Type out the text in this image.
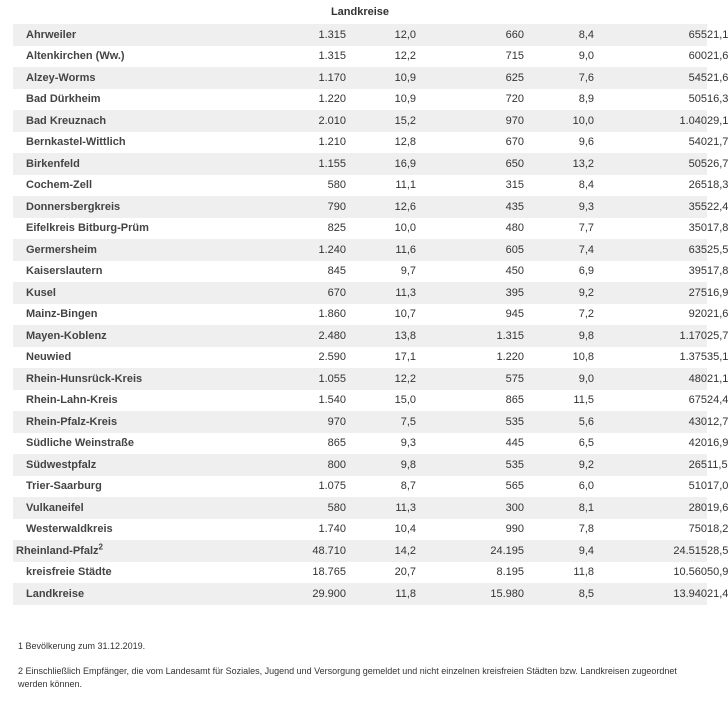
Landkreise
Ahrweiler		1.315	12,0	660	8,4	655	21,1
Altenkirchen (Ww.)		1.315	12,2	715	9,0	600	21,6
Alzey-Worms		1.170	10,9	625	7,6	545	21,6
Bad Dürkheim		1.220	10,9	720	8,9	505	16,3
Bad Kreuznach		2.010	15,2	970	10,0	1.040	29,1
Bernkastel-Wittlich		1.210	12,8	670	9,6	540	21,7
Birkenfeld		1.155	16,9	650	13,2	505	26,7
Cochem-Zell		580	11,1	315	8,4	265	18,3
Donnersbergkreis		790	12,6	435	9,3	355	22,4
Eifelkreis Bitburg-Prüm		825	10,0	480	7,7	350	17,8
Germersheim		1.240	11,6	605	7,4	635	25,5
Kaiserslautern		845	9,7	450	6,9	395	17,8
Kusel		670	11,3	395	9,2	275	16,9
Mainz-Bingen		1.860	10,7	945	7,2	920	21,6
Mayen-Koblenz		2.480	13,8	1.315	9,8	1.170	25,7
Neuwied		2.590	17,1	1.220	10,8	1.375	35,1
Rhein-Hunsrück-Kreis		1.055	12,2	575	9,0	480	21,1
Rhein-Lahn-Kreis		1.540	15,0	865	11,5	675	24,4
Rhein-Pfalz-Kreis		970	7,5	535	5,6	430	12,7
Südliche Weinstraße		865	9,3	445	6,5	420	16,9
Südwestpfalz		800	9,8	535	9,2	265	11,5
Trier-Saarburg		1.075	8,7	565	6,0	510	17,0
Vulkaneifel		580	11,3	300	8,1	280	19,6
Westerwaldkreis		1.740	10,4	990	7,8	750	18,2
Rheinland-Pfalz$^2$		48.710	14,2	24.195	9,4	24.515	28,5
kreisfreie Städte		18.765	20,7	8.195	11,8	10.560	50,9
Landkreise		29.900	11,8	15.980	8,5	13.940	21,4
1 Bevölkerung zum 31.12.2019.
2 Einschließlich Empfänger, die vom Landesamt für Soziales, Jugend und Versorgung gemeldet und nicht einzelnen kreisfreien Städten bzw. Landkreisen zugeordnet werden können.
